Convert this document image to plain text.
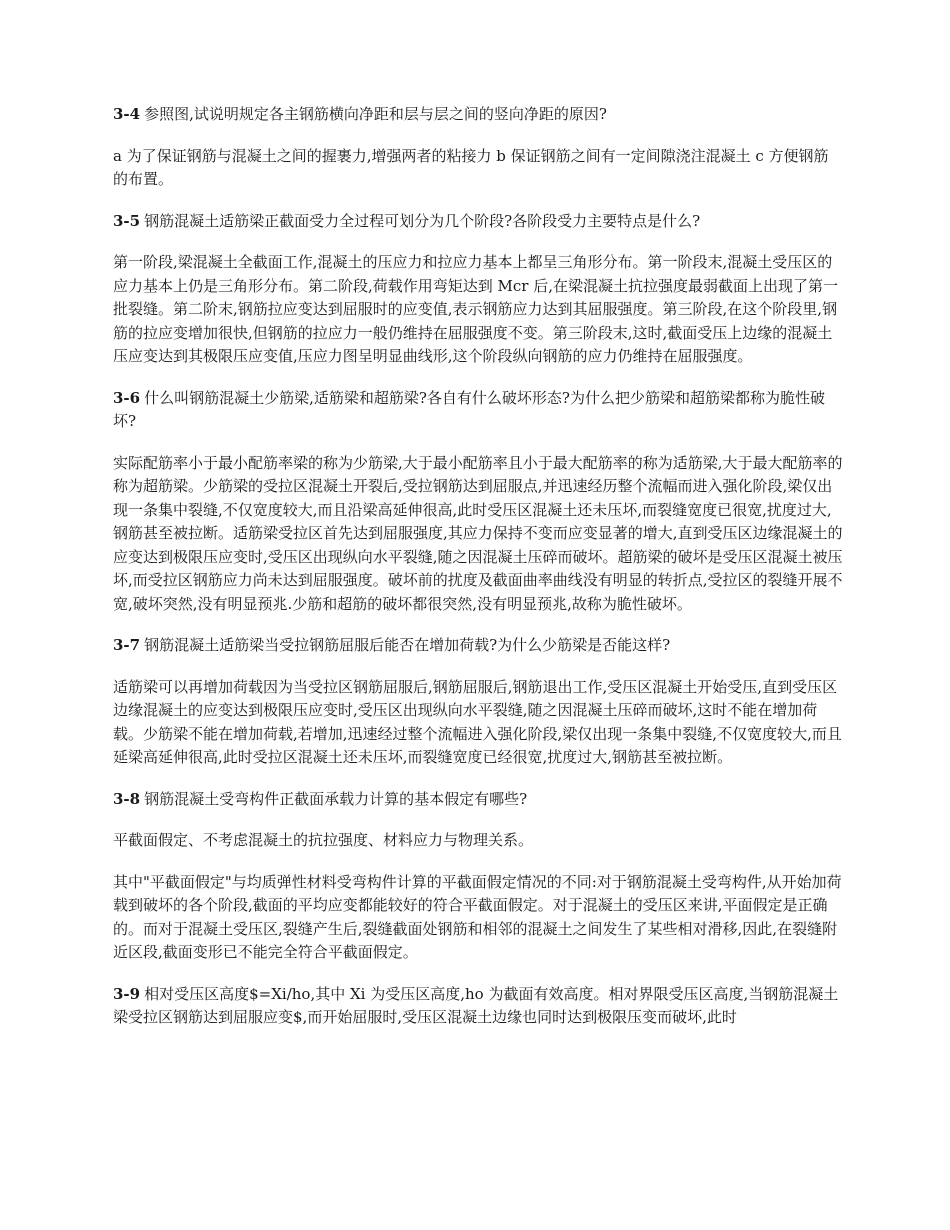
3-4 参照图,试说明规定各主钢筋横向净距和层与层之间的竖向净距的原因?

a 为了保证钢筋与混凝土之间的握裹力,增强两者的粘接力 b 保证钢筋之间有一定间隙浇注混凝土 c 方便钢筋的布置。

3-5 钢筋混凝土适筋梁正截面受力全过程可划分为几个阶段?各阶段受力主要特点是什么?

第一阶段,梁混凝土全截面工作,混凝土的压应力和拉应力基本上都呈三角形分布。第一阶段末,混凝土受压区的应力基本上仍是三角形分布。第二阶段,荷载作用弯矩达到 Mcr 后,在梁混凝土抗拉强度最弱截面上出现了第一批裂缝。第二阶末,钢筋拉应变达到屈服时的应变值,表示钢筋应力达到其屈服强度。第三阶段,在这个阶段里,钢筋的拉应变增加很快,但钢筋的拉应力一般仍维持在屈服强度不变。第三阶段末,这时,截面受压上边缘的混凝土压应变达到其极限压应变值,压应力图呈明显曲线形,这个阶段纵向钢筋的应力仍维持在屈服强度。

3-6 什么叫钢筋混凝土少筋梁,适筋梁和超筋梁?各自有什么破坏形态?为什么把少筋梁和超筋梁都称为脆性破坏?

实际配筋率小于最小配筋率梁的称为少筋梁,大于最小配筋率且小于最大配筋率的称为适筋梁,大于最大配筋率的称为超筋梁。少筋梁的受拉区混凝土开裂后,受拉钢筋达到屈服点,并迅速经历整个流幅而进入强化阶段,梁仅出现一条集中裂缝,不仅宽度较大,而且沿梁高延伸很高,此时受压区混凝土还未压坏,而裂缝宽度已很宽,扰度过大,钢筋甚至被拉断。适筋梁受拉区首先达到屈服强度,其应力保持不变而应变显著的增大,直到受压区边缘混凝土的应变达到极限压应变时,受压区出现纵向水平裂缝,随之因混凝土压碎而破坏。超筋梁的破坏是受压区混凝土被压坏,而受拉区钢筋应力尚未达到屈服强度。破坏前的扰度及截面曲率曲线没有明显的转折点,受拉区的裂缝开展不宽,破坏突然,没有明显预兆.少筋和超筋的破坏都很突然,没有明显预兆,故称为脆性破坏。

3-7 钢筋混凝土适筋梁当受拉钢筋屈服后能否在增加荷载?为什么少筋梁是否能这样?

适筋梁可以再增加荷载因为当受拉区钢筋屈服后,钢筋屈服后,钢筋退出工作,受压区混凝土开始受压,直到受压区边缘混凝土的应变达到极限压应变时,受压区出现纵向水平裂缝,随之因混凝土压碎而破坏,这时不能在增加荷载。少筋梁不能在增加荷载,若增加,迅速经过整个流幅进入强化阶段,梁仅出现一条集中裂缝,不仅宽度较大,而且延梁高延伸很高,此时受拉区混凝土还未压坏,而裂缝宽度已经很宽,扰度过大,钢筋甚至被拉断。

3-8 钢筋混凝土受弯构件正截面承载力计算的基本假定有哪些?

平截面假定、不考虑混凝土的抗拉强度、材料应力与物理关系。

其中"平截面假定"与均质弹性材料受弯构件计算的平截面假定情况的不同:对于钢筋混凝土受弯构件,从开始加荷载到破坏的各个阶段,截面的平均应变都能较好的符合平截面假定。对于混凝土的受压区来讲,平面假定是正确的。而对于混凝土受压区,裂缝产生后,裂缝截面处钢筋和相邻的混凝土之间发生了某些相对滑移,因此,在裂缝附近区段,截面变形已不能完全符合平截面假定。

3-9 相对受压区高度$=Xi/ho,其中 Xi 为受压区高度,ho 为截面有效高度。相对界限受压区高度,当钢筋混凝土梁受拉区钢筋达到屈服应变$,而开始屈服时,受压区混凝土边缘也同时达到极限压变而破坏,此时
